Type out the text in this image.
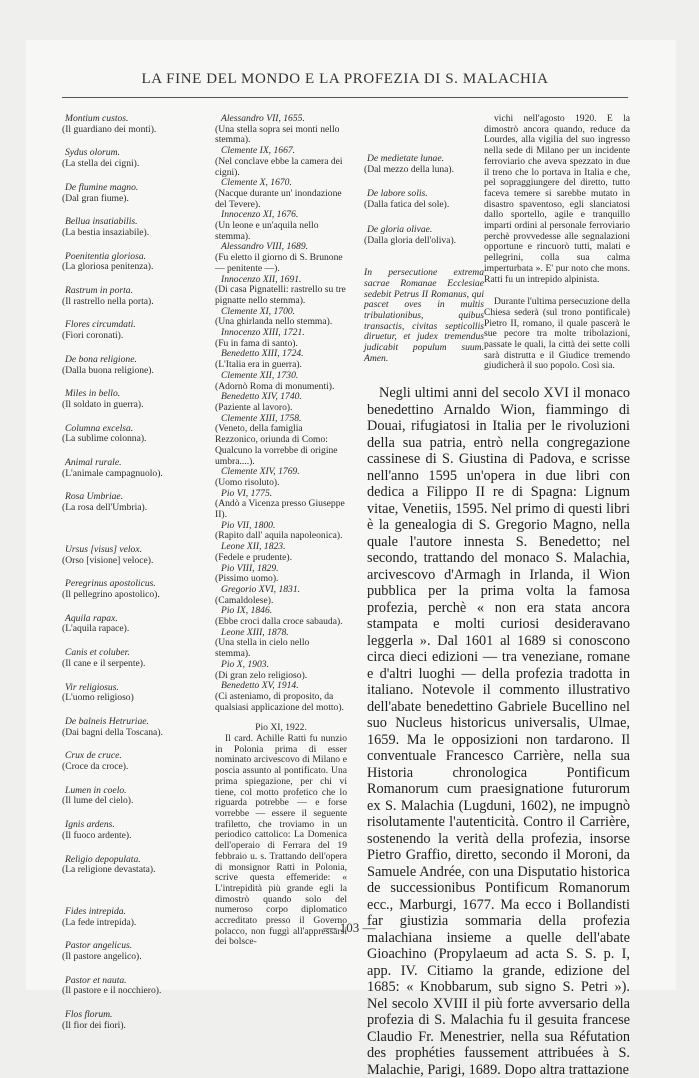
LA FINE DEL MONDO E LA PROFEZIA DI S. MALACHIA
Montium custos.
(Il guardiano dei monti).
Sydus olorum.
(La stella dei cigni).
De flumine magno.
(Dal gran fiume).
Bellua insatiabilis.
(La bestia insaziabile).
Poenitentia gloriosa.
(La gloriosa penitenza).
Rastrum in porta.
(Il rastrello nella porta).
Flores circumdati.
(Fiori coronati).
De bona religione.
(Dalla buona religione).
Miles in bello.
(Il soldato in guerra).
Columna excelsa.
(La sublime colonna).
Animal rurale.
(L'animale campagnuolo).
Rosa Umbriae.
(La rosa dell'Umbria).
Ursus [visus] velox.
(Orso [visione] veloce).
Peregrinus apostolicus.
(Il pellegrino apostolico).
Aquila rapax.
(L'aquila rapace).
Canis et coluber.
(Il cane e il serpente).
Vir religiosus.
(L'uomo religioso)
De balneis Hetruriae.
(Dai bagni della Toscana).
Crux de cruce.
(Croce da croce).
Lumen in coelo.
(Il lume del cielo).
Ignis ardens.
(Il fuoco ardente).
Religio depopulata.
(La religione devastata).
Fides intrepida.
(La fede intrepida).
Pastor angelicus.
(Il pastore angelico).
Pastor et nauta.
(Il pastore e il nocchiero).
Flos florum.
(Il fior dei fiori).
Alessandro VII, 1655.
(Una stella sopra sei monti nello stemma).
Clemente IX, 1667.
(Nel conclave ebbe la camera dei cigni).
Clemente X, 1670.
(Nacque durante un' inondazione del Tevere).
Innocenzo XI, 1676.
(Un leone e un'aquila nello stemma).
Alessandro VIII, 1689.
(Fu eletto il giorno di S. Brunone — penitente —).
Innocenzo XII, 1691.
(Di casa Pignatelli: rastrello su tre pignatte nello stemma).
Clemente XI, 1700.
(Una ghirlanda nello stemma).
Innocenzo XIII, 1721.
(Fu in fama di santo).
Benedetto XIII, 1724.
(L'Italia era in guerra).
Clemente XII, 1730.
(Adornò Roma di monumenti).
Benedetto XIV, 1740.
(Paziente al lavoro).
Clemente XIII, 1758.
(Veneto, della famiglia Rezzonico, oriunda di Como: Qualcuno la vorrebbe di origine umbra....).
Clemente XIV, 1769.
(Uomo risoluto).
Pio VI, 1775.
(Andò a Vicenza presso Giuseppe II).
Pio VII, 1800.
(Rapito dall' aquila napoleonica).
Leone XII, 1823.
(Fedele e prudente).
Pio VIII, 1829.
(Pissimo uomo).
Gregorio XVI, 1831.
(Camaldolese).
Pio IX, 1846.
(Ebbe croci dalla croce sabauda).
Leone XIII, 1878.
(Una stella in cielo nello stemma).
Pio X, 1903.
(Di gran zelo religioso).
Benedetto XV, 1914.
(Ci asteniamo, di proposito, da qualsiasi applicazione del motto).
Pio XI, 1922.

Il card. Achille Ratti fu nunzio in Polonia prima di esser nominato arcivescovo di Milano e poscia assunto al pontificato. Una prima spiegazione, per chi vi tiene, col motto profetico che lo riguarda potrebbe — e forse vorrebbe — essere il seguente trafiletto, che troviamo in un periodico cattolico: La Domenica dell'operaio di Ferrara del 19 febbraio u. s. Trattando dell'opera di monsignor Ratti in Polonia, scrive questa effemeride: « L'intrepidità più grande egli la dimostrò quando solo del numeroso corpo diplomatico accreditato presso il Governo polacco, non fuggì all'appressarsi dei bolsce-

De medietate lunae.
(Dal mezzo della luna).
De labore solis.
(Dalla fatica del sole).
De gloria olivae.
(Dalla gloria dell'oliva).
In persecutione extrema sacrae Romanae Ecclesiae sedebit Petrus II Romanus, qui pascet oves in multis tribulationibus, quibus transactis, civitas septicollis diruetur, et judex tremendus judicabit populum suum. Amen.

vichi nell'agosto 1920. E la dimostrò ancora quando, reduce da Lourdes, alla vigilia del suo ingresso nella sede di Milano per un incidente ferroviario che aveva spezzato in due il treno che lo portava in Italia e che, pel sopraggiungere del diretto, tutto faceva temere si sarebbe mutato in disastro spaventoso, egli slanciatosi dallo sportello, agile e tranquillo imparti ordini al personale ferroviario perchè provvedesse alle segnalazioni opportune e rincuorò tutti, malati e pellegrini, colla sua calma imperturbata ». E' pur noto che mons. Ratti fu un intrepido alpinista.

Durante l'ultima persecuzione della Chiesa sederà (sul trono pontificale) Pietro II, romano, il quale pascerà le sue pecore tra molte tribolazioni, passate le quali, la città dei sette colli sarà distrutta e il Giudice tremendo giudicherà il suo popolo. Così sia.

Negli ultimi anni del secolo XVI il monaco benedettino Arnaldo Wion, fiammingo di Douai, rifugiatosi in Italia per le rivoluzioni della sua patria, entrò nella congregazione cassinese di S. Giustina di Padova, e scrisse nell'anno 1595 un'opera in due libri con dedica a Filippo II re di Spagna: Lignum vitae, Venetiis, 1595. Nel primo di questi libri è la genealogia di S. Gregorio Magno, nella quale l'autore innesta S. Benedetto; nel secondo, trattando del monaco S. Malachia, arcivescovo d'Armagh in Irlanda, il Wion pubblica per la prima volta la famosa profezia, perchè « non era stata ancora stampata e molti curiosi desideravano leggerla ». Dal 1601 al 1689 si conoscono circa dieci edizioni — tra veneziane, romane e d'altri luoghi — della profezia tradotta in italiano. Notevole il commento illustrativo dell'abate benedettino Gabriele Bucellino nel suo Nucleus historicus universalis, Ulmae, 1659. Ma le opposizioni non tardarono. Il conventuale Francesco Carrière, nella sua Historia chronologica Pontificum Romanorum cum praesignatione futurorum ex S. Malachia (Lugduni, 1602), ne impugnò risolutamente l'autenticità. Contro il Carrière, sostenendo la verità della profezia, insorse Pietro Graffio, diretto, secondo il Moroni, da Samuele Andrée, con una Disputatio historica de successionibus Pontificum Romanorum ecc., Marburgi, 1677. Ma ecco i Bollandisti far giustizia sommaria della profezia malachiana insieme a quelle dell'abate Gioachino (Propylaeum ad acta S. S. p. I, app. IV. Citiamo la grande, edizione del 1685: « Knobbarum, sub signo S. Petri »). Nel secolo XVIII il più forte avversario della profezia di S. Malachia fu il gesuita francese Claudio Fr. Menestrier, nella sua Réfutation des prophéties faussement attribuées à S. Malachie, Parigi, 1689. Dopo altra trattazione

— 103 —
